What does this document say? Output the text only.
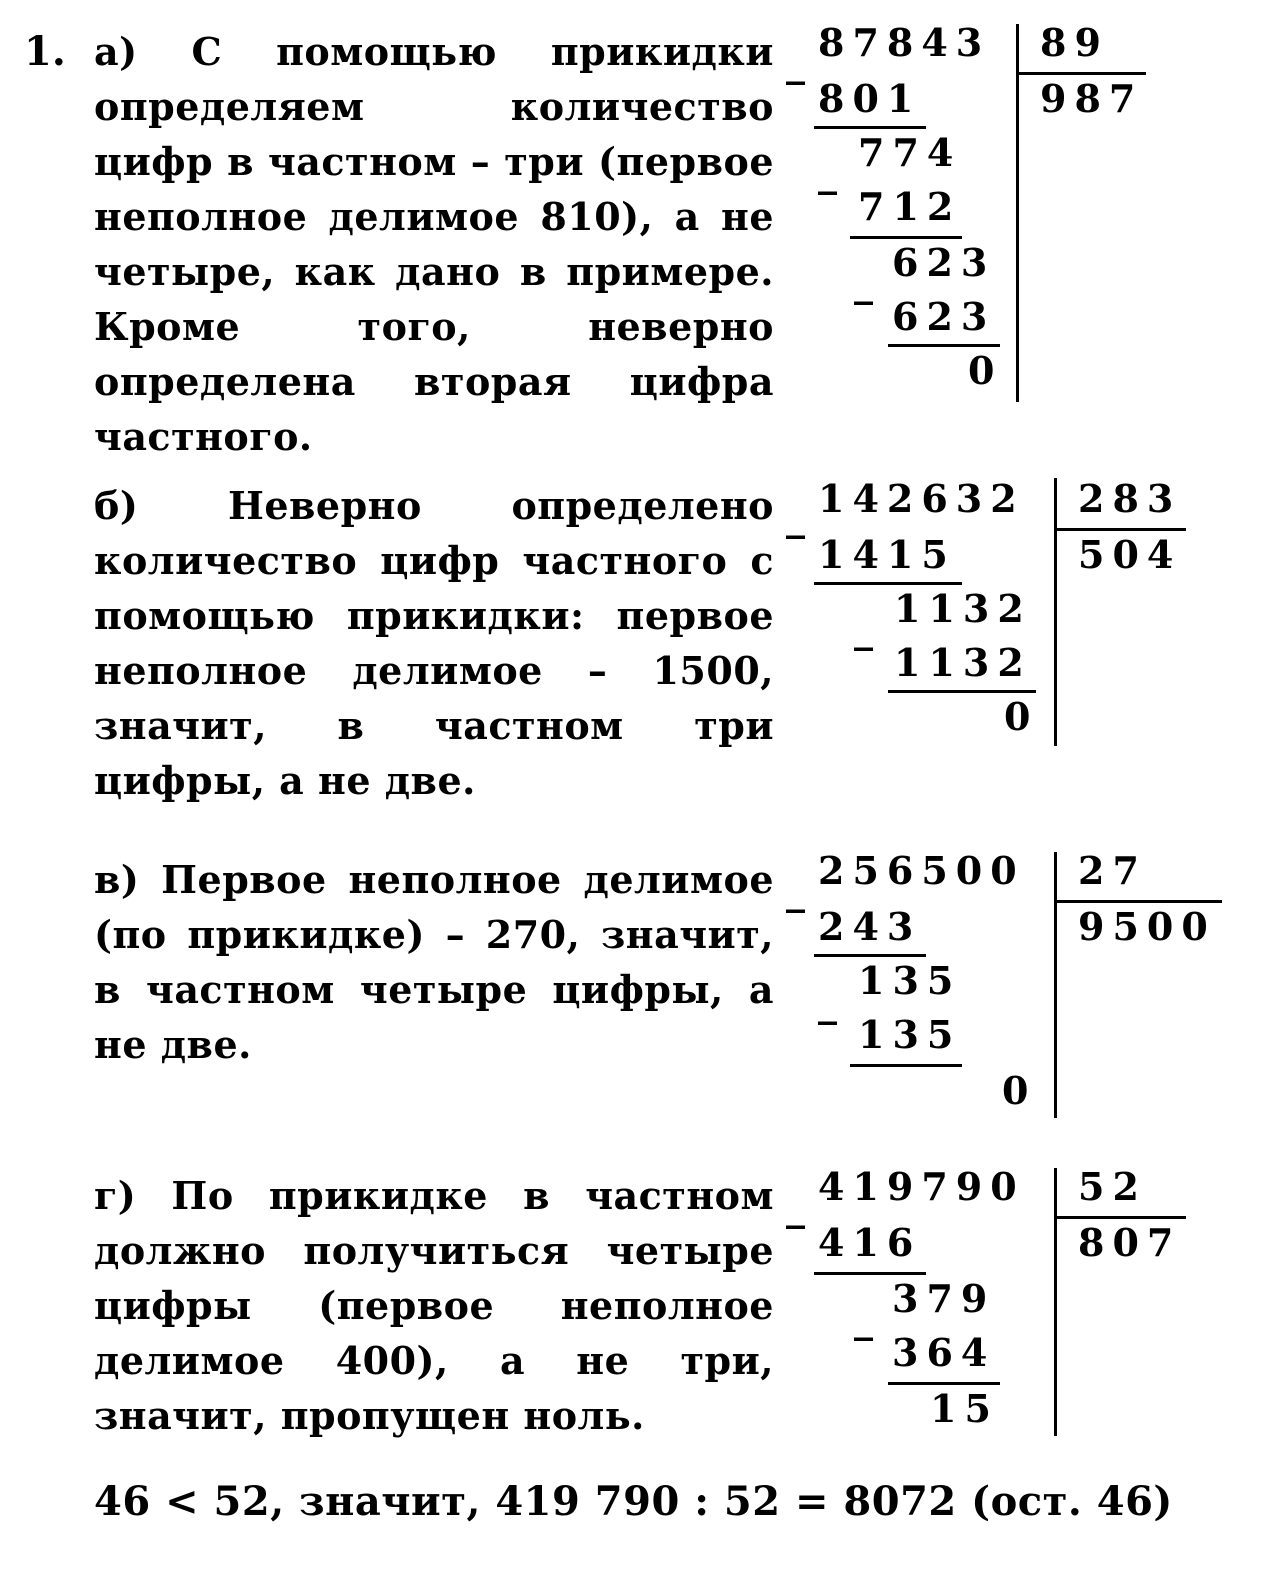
1. а) С помощью прикидки определяем количество цифр в частном – три (первое неполное делимое 810), а не четыре, как дано в примере. Кроме того, неверно определена вторая цифра частного.

_ 87843 89
987
801
_ 774
712
_ 623
623
0

б) Неверно определено количество цифр частного с помощью прикидки: первое неполное делимое – 1500, значит, в частном три цифры, а не две.

_ 142632 283
504
1415
_ 1132
1132
0

в) Первое неполное делимое (по прикидке) – 270, значит, в частном четыре цифры, а не две.

_ 256500 27
9500
243
_ 135
135
0

г) По прикидке в частном должно получиться четыре цифры (первое неполное делимое 400), а не три, значит, пропущен ноль.

_ 419790 52
807
416
_ 379
364
15
46 < 52, значит, 419 790 : 52 = 8072 (ост. 46)
